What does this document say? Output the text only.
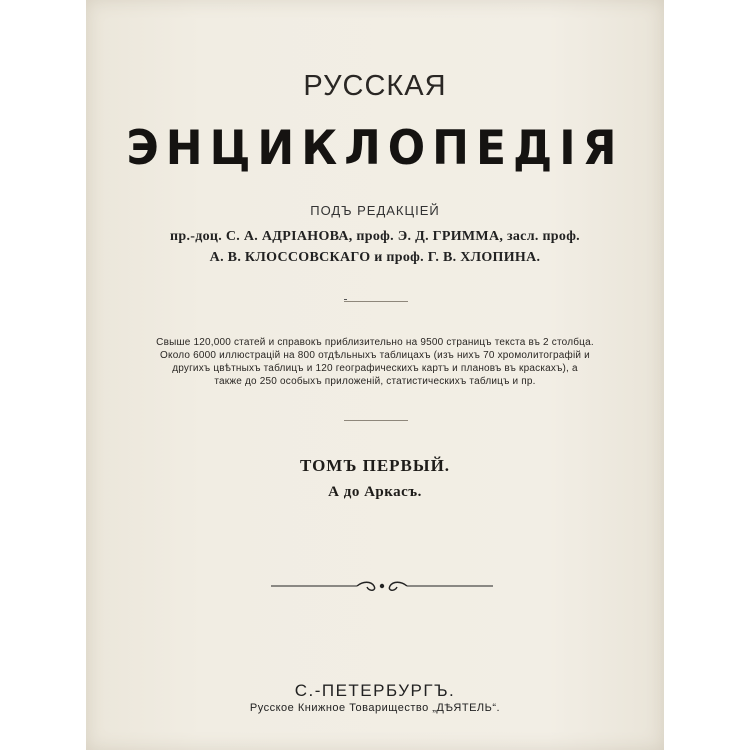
РУССКАЯ
ЭНЦИКЛОПЕДІЯ
ПОДЪ РЕДАКЦІЕЙ
пр.-доц. С. А. АДРІАНОВА, проф. Э. Д. ГРИММА, засл. проф.
А. В. КЛОССОВСКАГО и проф. Г. В. ХЛОПИНА.
Свыше 120,000 статей и справокъ приблизительно на 9500 страницъ текста въ 2 столбца.
Около 6000 иллюстрацій на 800 отдѣльныхъ таблицахъ (изъ нихъ 70 хромолитографій и
другихъ цвѣтныхъ таблицъ и 120 географическихъ картъ и плановъ въ краскахъ), а
также до 250 особыхъ приложеній, статистическихъ таблицъ и пр.
ТОМЪ ПЕРВЫЙ.
А до Аркасъ.
С.-ПЕТЕРБУРГЪ.
Русское Книжное Товарищество „ДѢЯТЕЛЬ“.
